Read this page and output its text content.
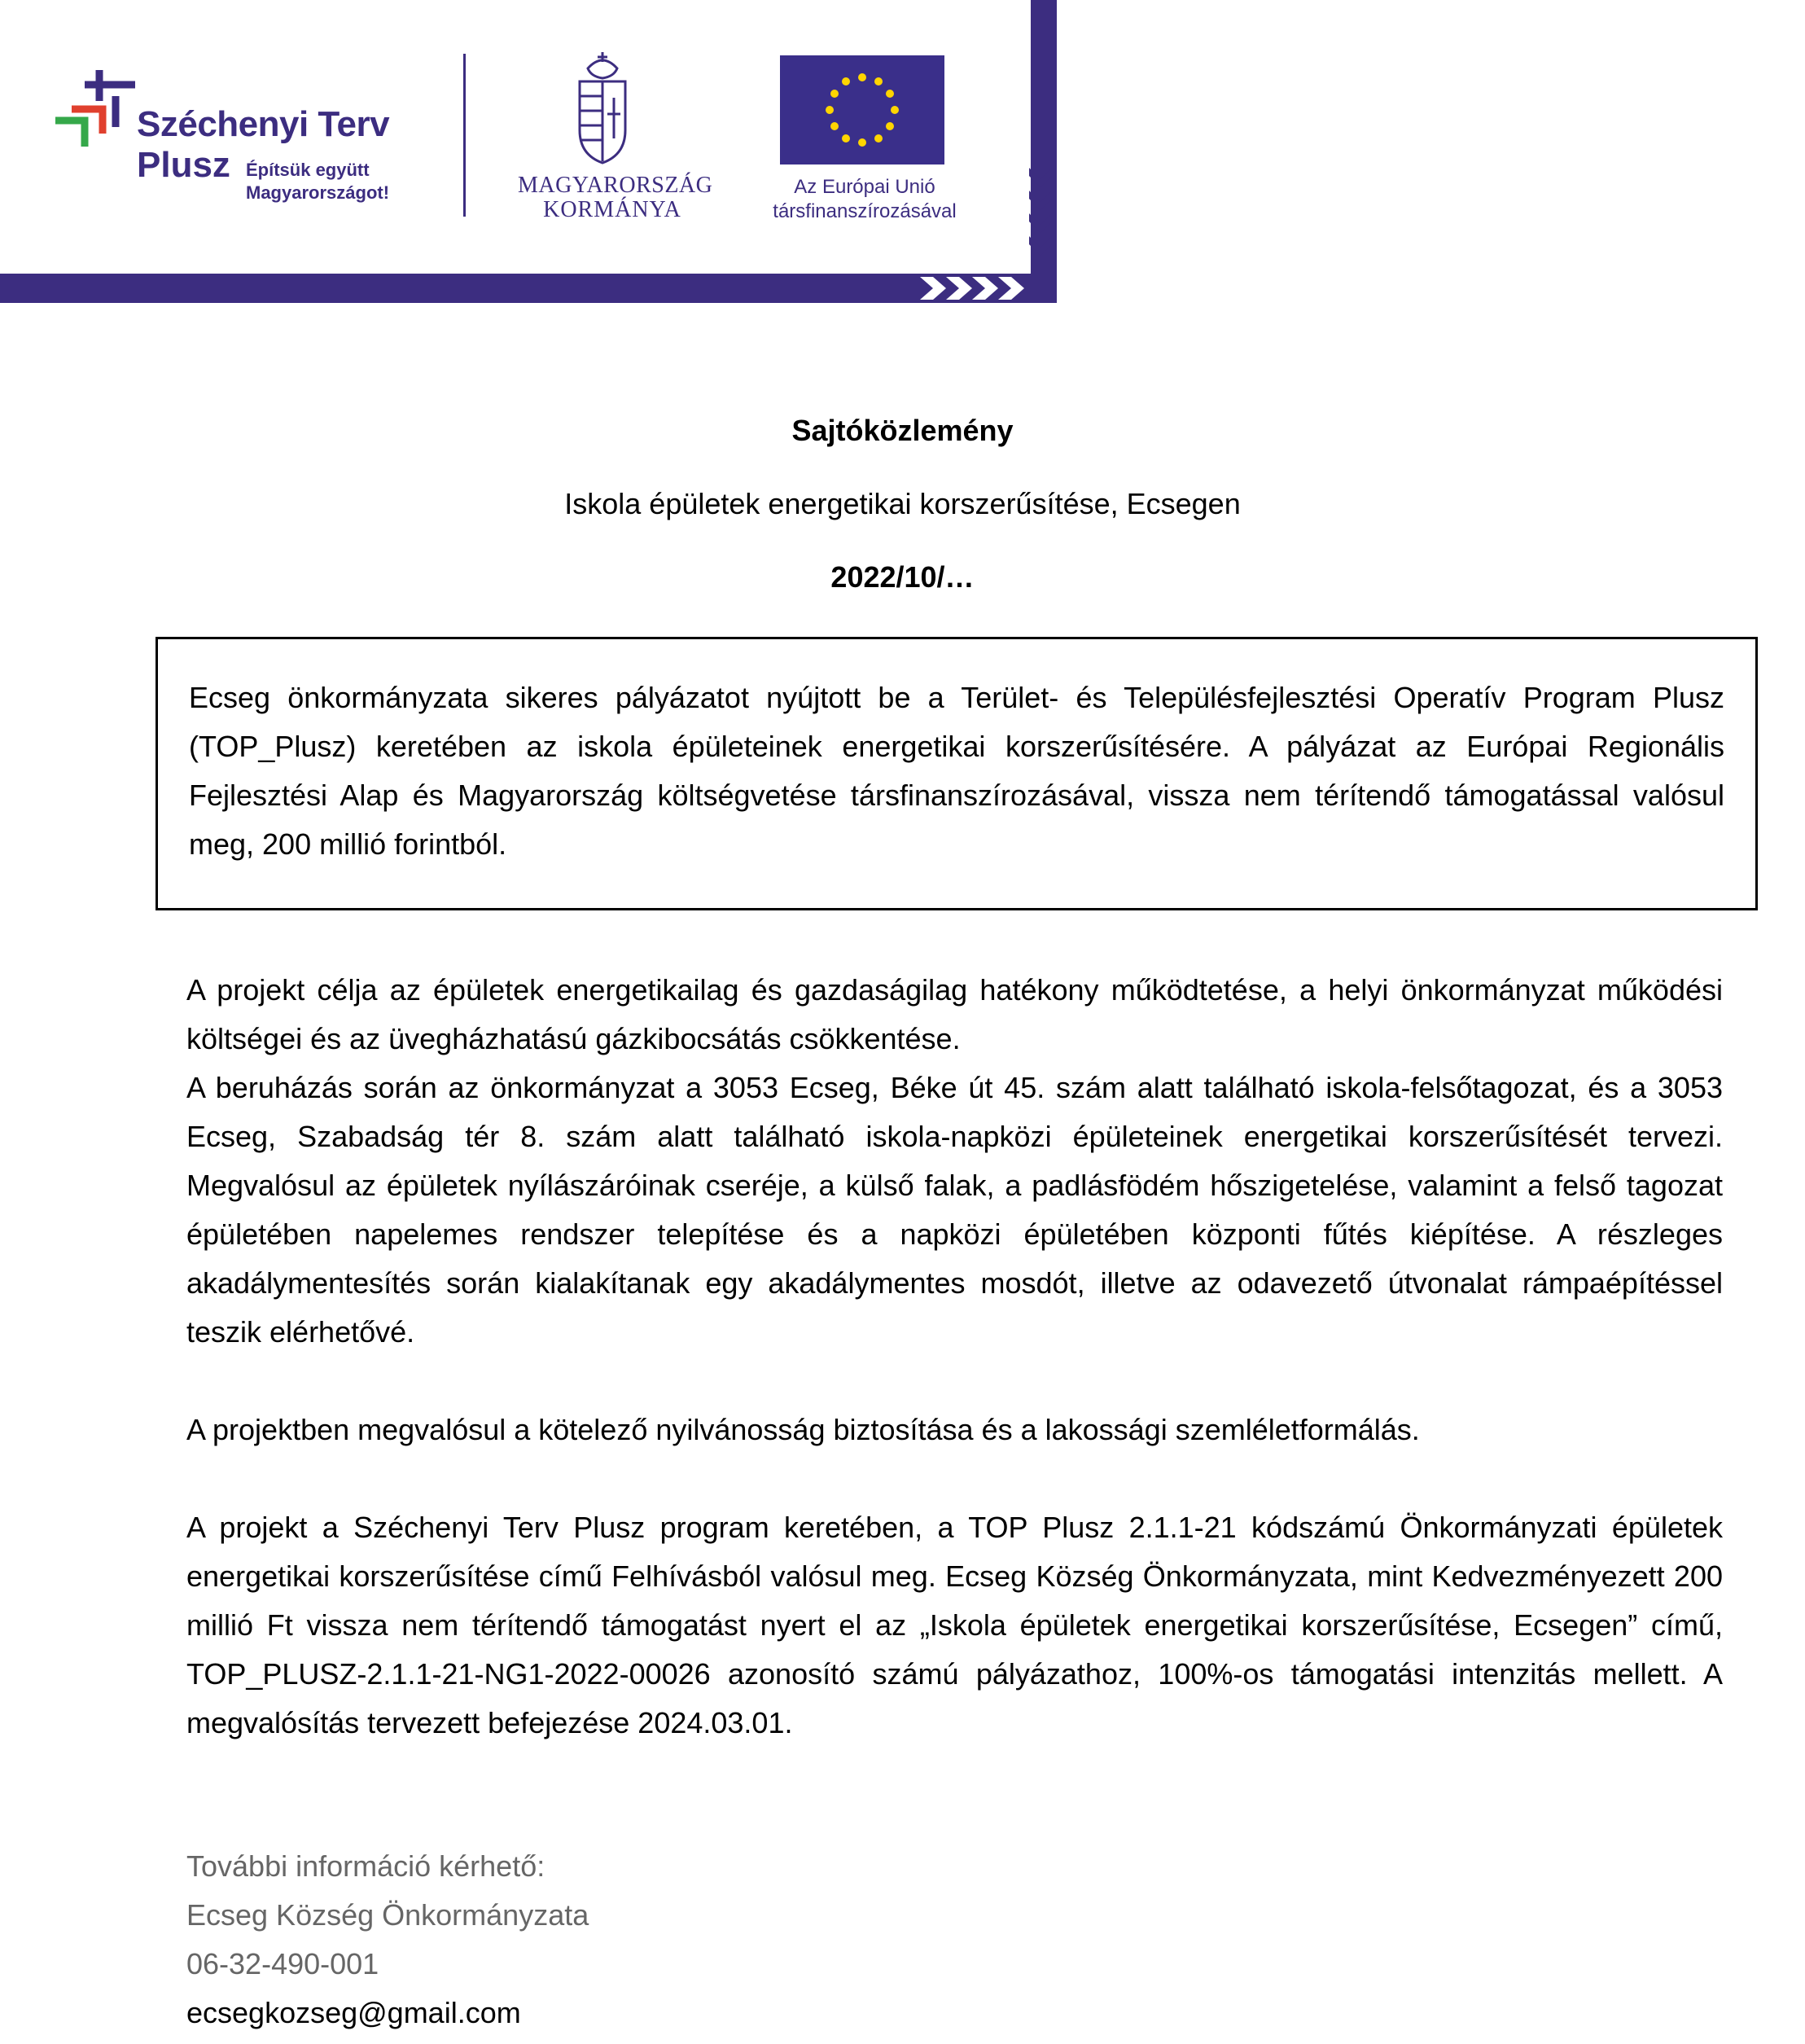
Széchenyi Terv
Plusz Építsük együtt
Magyarországot!	MAGYARORSZÁG
KORMÁNYA
Az Európai Unió
társfinanszírozásával
Sajtóközlemény
Iskola épületek energetikai korszerűsítése, Ecsegen
2022/10/…

Ecseg önkormányzata sikeres pályázatot nyújtott be a Terület- és Településfejlesztési Operatív Program Plusz (TOP_Plusz) keretében az iskola épületeinek energetikai korszerűsítésére. A pályázat az Európai Regionális Fejlesztési Alap és Magyarország költségvetése társfinanszírozásával, vissza nem térítendő támogatással valósul meg, 200 millió forintból.

A projekt célja az épületek energetikailag és gazdaságilag hatékony működtetése, a helyi önkormányzat működési költségei és az üvegházhatású gázkibocsátás csökkentése.

A beruházás során az önkormányzat a 3053 Ecseg, Béke út 45. szám alatt található iskola-felsőtagozat, és a 3053 Ecseg, Szabadság tér 8. szám alatt található iskola-napközi épületeinek energetikai korszerűsítését tervezi. Megvalósul az épületek nyílászáróinak cseréje, a külső falak, a padlásfödém hőszigetelése, valamint a felső tagozat épületében napelemes rendszer telepítése és a napközi épületében központi fűtés kiépítése. A részleges akadálymentesítés során kialakítanak egy akadálymentes mosdót, illetve az odavezető útvonalat rámpaépítéssel teszik elérhetővé.

A projektben megvalósul a kötelező nyilvánosság biztosítása és a lakossági szemléletformálás.

A projekt a Széchenyi Terv Plusz program keretében, a TOP Plusz 2.1.1-21 kódszámú Önkormányzati épületek energetikai korszerűsítése című Felhívásból valósul meg. Ecseg Község Önkormányzata, mint Kedvezményezett 200 millió Ft vissza nem térítendő támogatást nyert el az „Iskola épületek energetikai korszerűsítése, Ecsegen” című, TOP_PLUSZ-2.1.1-21-NG1-2022-00026 azonosító számú pályázathoz, 100%-os támogatási intenzitás mellett. A megvalósítás tervezett befejezése 2024.03.01.

További információ kérhető:

Ecseg Község Önkormányzata

06-32-490-001

ecsegkozseg@gmail.com
